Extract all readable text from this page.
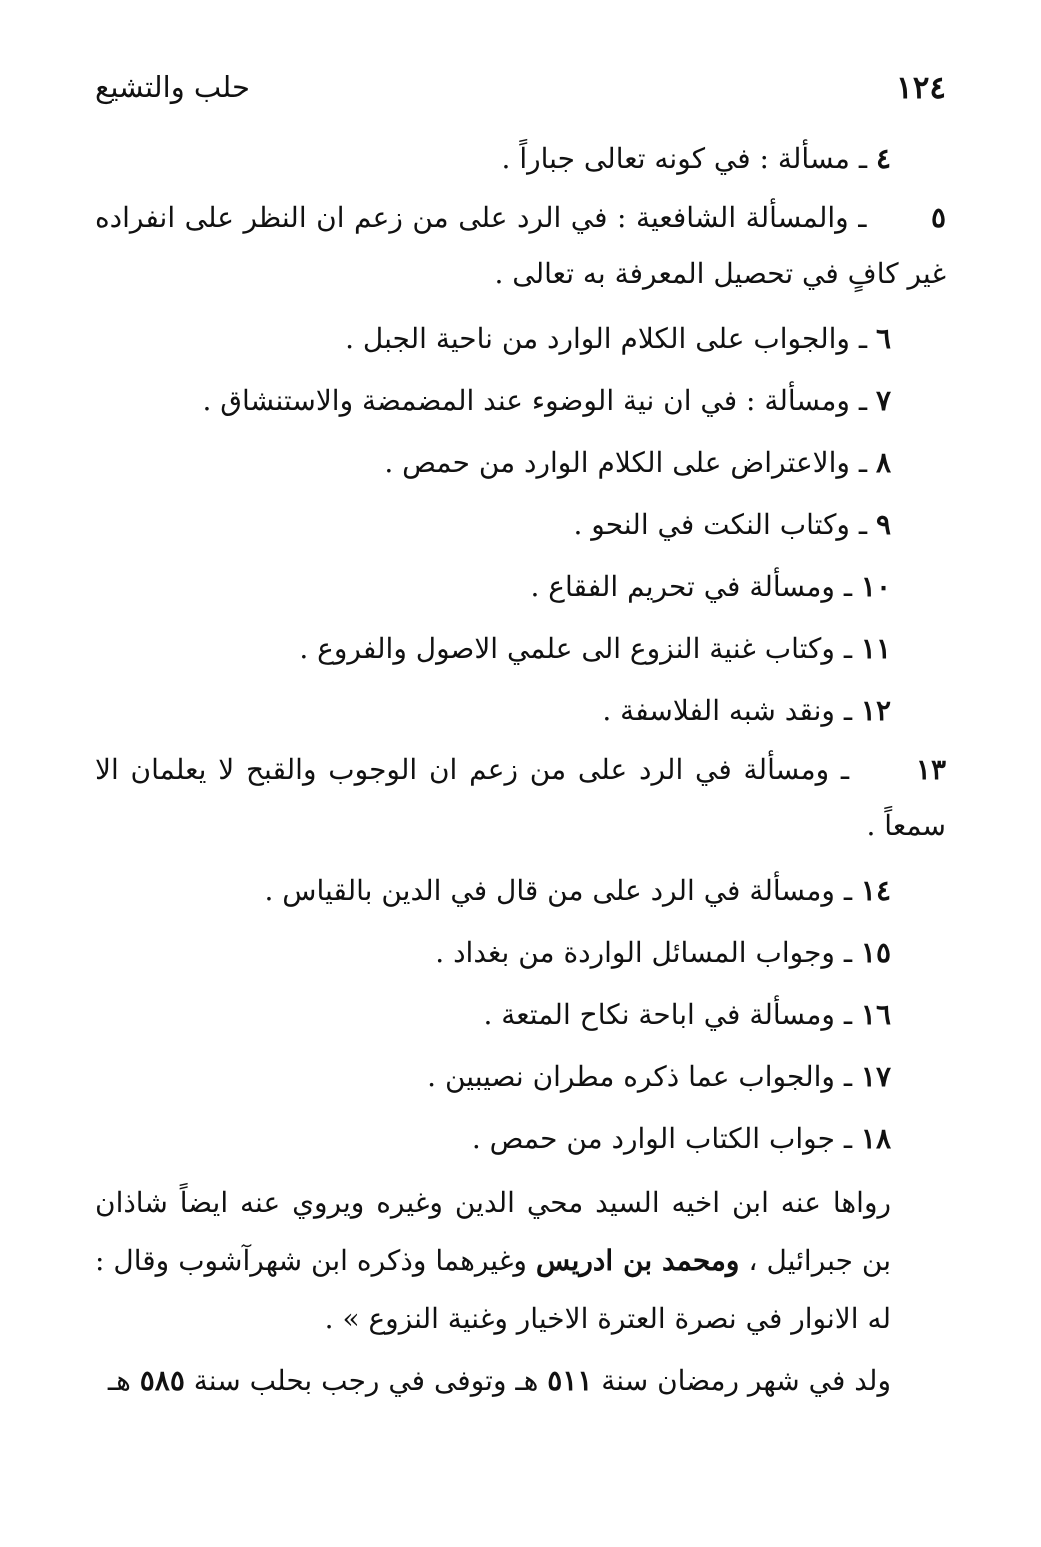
١٢٤
حلب والتشيع

٤ ـ مسألة : في كونه تعالى جباراً .

٥ ـ والمسألة الشافعية : في الرد على من زعم ان النظر على انفراده غير كافٍ في تحصيل المعرفة به تعالى .

٦ ـ والجواب على الكلام الوارد من ناحية الجبل .

٧ ـ ومسألة : في ان نية الوضوء عند المضمضة والاستنشاق .

٨ ـ والاعتراض على الكلام الوارد من حمص .

٩ ـ وكتاب النكت في النحو .

١٠ ـ ومسألة في تحريم الفقاع .

١١ ـ وكتاب غنية النزوع الى علمي الاصول والفروع .

١٢ ـ ونقد شبه الفلاسفة .

١٣ ـ ومسألة في الرد على من زعم ان الوجوب والقبح لا يعلمان الا سمعاً .

١٤ ـ ومسألة في الرد على من قال في الدين بالقياس .

١٥ ـ وجواب المسائل الواردة من بغداد .

١٦ ـ ومسألة في اباحة نكاح المتعة .

١٧ ـ والجواب عما ذكره مطران نصيبين .

١٨ ـ جواب الكتاب الوارد من حمص .

رواها عنه ابن اخيه السيد محي الدين وغيره ويروي عنه ايضاً شاذان بن جبرائيل ، ومحمد بن ادريس وغيرهما وذكره ابن شهرآشوب وقال : له الانوار في نصرة العترة الاخيار وغنية النزوع » .

ولد في شهر رمضان سنة ٥١١ هـ وتوفى في رجب بحلب سنة ٥٨٥ هـ
